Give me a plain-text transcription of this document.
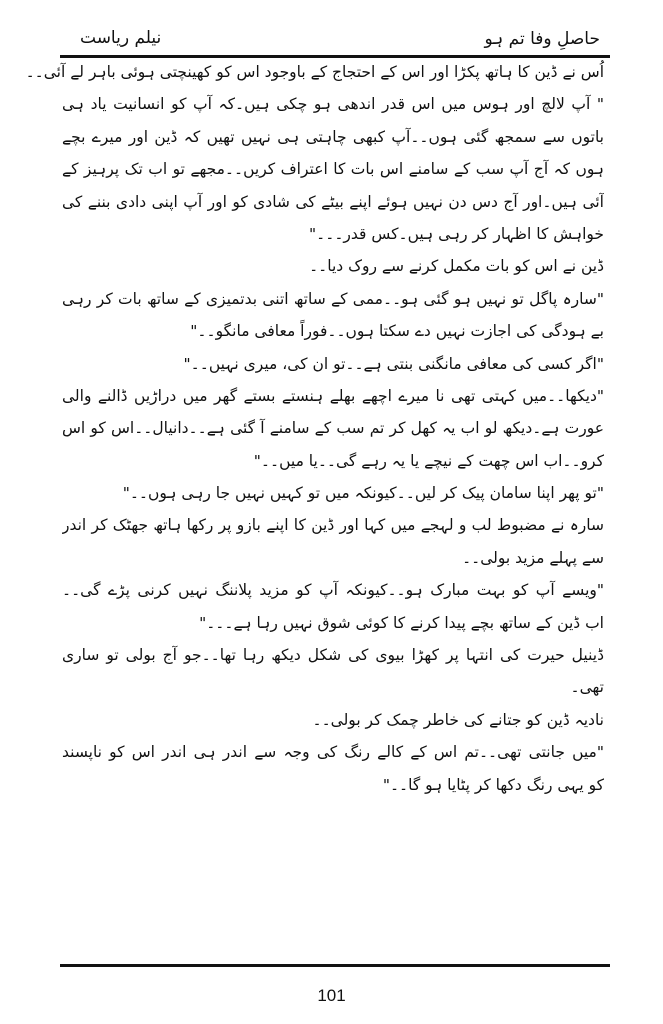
حاصلِ وفا تم ہو
نیلم ریاست
اُس نے ڈین کا ہاتھ پکڑا اور اس کے احتجاج کے باوجود اس کو کھینچتی ہوئی باہر لے آئی۔۔
" آپ لالچ اور ہوس میں اس قدر اندھی ہو چکی ہیں۔کہ آپ کو انسانیت یاد ہی
باتوں سے سمجھ گئی ہوں۔۔آپ کبھی چاہتی ہی نہیں تھیں کہ ڈین اور میرے بچے
ہوں کہ آج آپ سب کے سامنے اس بات کا اعتراف کریں۔۔مجھے تو اب تک پرہیز کے
آئی ہیں۔اور آج دس دن نہیں ہوئے اپنے بیٹے کی شادی کو اور آپ اپنی دادی بننے کی
خواہش کا اظہار کر رہی ہیں۔کس قدر۔۔۔"
ڈین نے اس کو بات مکمل کرنے سے روک دیا۔۔
"سارہ پاگل تو نہیں ہو گئی ہو۔۔ممی کے ساتھ اتنی بدتمیزی کے ساتھ بات کر رہی
بے ہودگی کی اجازت نہیں دے سکتا ہوں۔۔فوراً معافی مانگو۔۔"
"اگر کسی کی معافی مانگنی بنتی ہے۔۔تو ان کی، میری نہیں۔۔"
"دیکھا۔۔میں کہتی تھی نا میرے اچھے بھلے ہنستے بستے گھر میں دراڑیں ڈالنے والی
عورت ہے۔دیکھ لو اب یہ کھل کر تم سب کے سامنے آ گئی ہے۔۔دانیال۔۔اس کو اس
کرو۔۔اب اس چھت کے نیچے یا یہ رہے گی۔۔یا میں۔۔"
"تو پھر اپنا سامان پیک کر لیں۔۔کیونکہ میں تو کہیں نہیں جا رہی ہوں۔۔"
سارہ نے مضبوط لب و لہجے میں کہا اور ڈین کا اپنے بازو پر رکھا ہاتھ جھٹک کر اندر
سے پہلے مزید بولی۔۔
"ویسے آپ کو بہت مبارک ہو۔۔کیونکہ آپ کو مزید پلاننگ نہیں کرنی پڑے گی۔۔
اب ڈین کے ساتھ بچے پیدا کرنے کا کوئی شوق نہیں رہا ہے۔۔۔"
ڈینیل حیرت کی انتہا پر کھڑا بیوی کی شکل دیکھ رہا تھا۔۔جو آج بولی تو ساری
تھی۔
نادیہ ڈین کو جتانے کی خاطر چمک کر بولی۔۔
"میں جانتی تھی۔۔تم اس کے کالے رنگ کی وجہ سے اندر ہی اندر اس کو ناپسند
کو یہی رنگ دکھا کر پٹایا ہو گا۔۔"
101
